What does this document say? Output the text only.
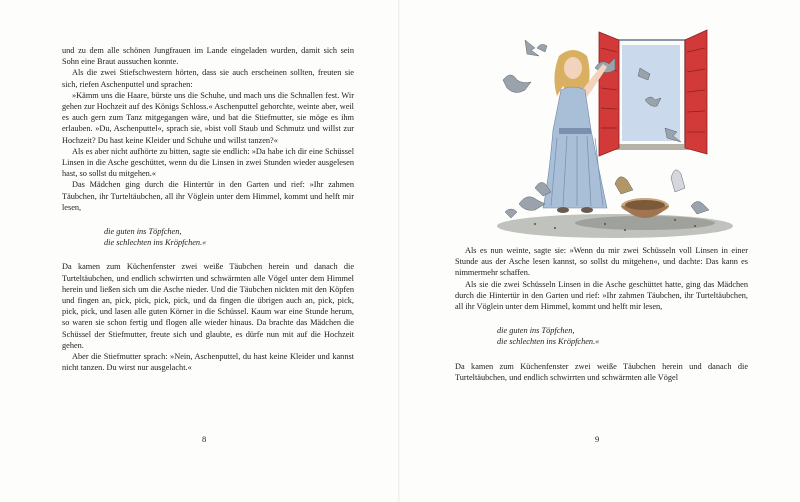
und zu dem alle schönen Jungfrauen im Lande eingeladen wurden, damit sich sein Sohn eine Braut aussuchen konnte.

Als die zwei Stiefschwestern hörten, dass sie auch erscheinen sollten, freuten sie sich, riefen Aschenputtel und sprachen:

»Kämm uns die Haare, bürste uns die Schuhe, und mach uns die Schnallen fest. Wir gehen zur Hochzeit auf des Königs Schloss.« Aschenputtel gehorchte, weinte aber, weil es auch gern zum Tanz mitgegangen wäre, und bat die Stiefmutter, sie möge es ihm erlauben. »Du, Aschenputtel«, sprach sie, »bist voll Staub und Schmutz und willst zur Hochzeit? Du hast keine Kleider und Schuhe und willst tanzen?«

Als es aber nicht aufhörte zu bitten, sagte sie endlich: »Da habe ich dir eine Schüssel Linsen in die Asche geschüttet, wenn du die Linsen in zwei Stunden wieder ausgelesen hast, so sollst du mitgehen.«

Das Mädchen ging durch die Hintertür in den Garten und rief: »Ihr zahmen Täubchen, ihr Turteltäubchen, all ihr Vöglein unter dem Himmel, kommt und helft mir lesen,

die guten ins Töpfchen,
die schlechten ins Kröpfchen.«

Da kamen zum Küchenfenster zwei weiße Täubchen herein und danach die Turteltäubchen, und endlich schwirrten und schwärmten alle Vögel unter dem Himmel herein und ließen sich um die Asche nieder. Und die Täubchen nickten mit den Köpfen und fingen an, pick, pick, pick, pick, und da fingen die übrigen auch an, pick, pick, pick, pick, und lasen alle guten Körner in die Schüssel. Kaum war eine Stunde herum, so waren sie schon fertig und flogen alle wieder hinaus. Da brachte das Mädchen die Schüssel der Stiefmutter, freute sich und glaubte, es dürfe nun mit auf die Hochzeit gehen.

Aber die Stiefmutter sprach: »Nein, Aschenputtel, du hast keine Kleider und kannst nicht tanzen. Du wirst nur ausgelacht.«

8

Als es nun weinte, sagte sie: »Wenn du mir zwei Schüsseln voll Linsen in einer Stunde aus der Asche lesen kannst, so sollst du mitgehen«, und dachte: Das kann es nimmermehr schaffen.

Als sie die zwei Schüsseln Linsen in die Asche geschüttet hatte, ging das Mädchen durch die Hintertür in den Garten und rief: »Ihr zahmen Täubchen, ihr Turteltäubchen, all ihr Vöglein unter dem Himmel, kommt und helft mir lesen,

die guten ins Töpfchen,
die schlechten ins Kröpfchen.«

Da kamen zum Küchenfenster zwei weiße Täubchen herein und danach die Turteltäubchen, und endlich schwirrten und schwärmten alle Vögel

9
